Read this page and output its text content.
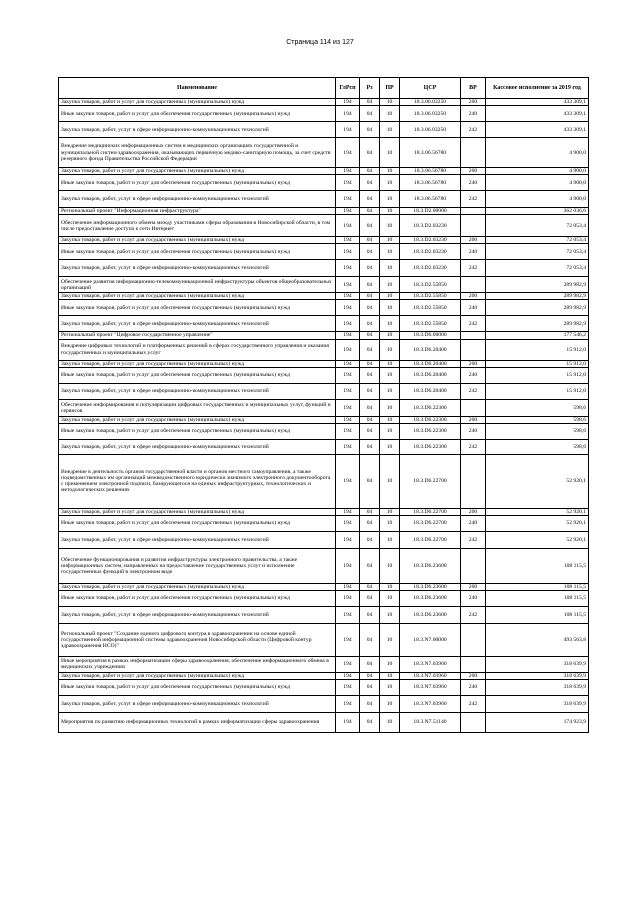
Страница 114 из 127
Наименование	ГлРсп	Рз	ПР	ЦСР	ВР	Кассовое исполнение за 2019 год
Закупка товаров, работ и услуг для государственных (муниципальных) нужд	194	04	10	18.3.06.03250	200	433 309,1
Иные закупки товаров, работ и услуг для обеспечения государственных (муниципальных) нужд	194	04	10	18.3.06.03250	240	433 309,1
Закупка товаров, работ, услуг в сфере информационно-коммуникационных технологий	194	04	10	18.3.06.03250	242	433 309,1
Внедрение медицинских информационных систем в медицинских организациях государственной и муниципальной систем здравоохранения, оказывающих первичную медико-санитарную помощь, за счет средств резервного фонда Правительства Российской Федерации	194	04	10	18.3.06.56780		4 900,0
Закупка товаров, работ и услуг для государственных (муниципальных) нужд	194	04	10	18.3.06.56780	200	4 900,0
Иные закупки товаров, работ и услуг для обеспечения государственных (муниципальных) нужд	194	04	10	18.3.06.56780	240	4 900,0
Закупка товаров, работ, услуг в сфере информационно-коммуникационных технологий	194	04	10	18.3.06.56780	242	4 900,0
Региональный проект "Информационная инфраструктура"	194	04	10	18.3.D2.00000		362 036,6
Обеспечение информационного обмена между участниками сферы образования в Новосибирской области, в том числе предоставление доступа к сети Интернет	194	04	10	18.3.D2.03230		72 053,4
Закупка товаров, работ и услуг для государственных (муниципальных) нужд	194	04	10	18.3.D2.03230	200	72 053,4
Иные закупки товаров, работ и услуг для обеспечения государственных (муниципальных) нужд	194	04	10	18.3.D2.03230	240	72 053,4
Закупка товаров, работ, услуг в сфере информационно-коммуникационных технологий	194	04	10	18.3.D2.03230	242	72 053,4
Обеспечение развития информационно-телекоммуникационной инфраструктуры объектов общеобразовательных организаций	194	04	10	18.3.D2.55850		289 982,9
Закупка товаров, работ и услуг для государственных (муниципальных) нужд	194	04	10	18.3.D2.55850	200	289 982,9
Иные закупки товаров, работ и услуг для обеспечения государственных (муниципальных) нужд	194	04	10	18.3.D2.55850	240	289 982,9
Закупка товаров, работ, услуг в сфере информационно-коммуникационных технологий	194	04	10	18.3.D2.55850	242	289 982,9
Региональный проект "Цифровое государственное управление"	194	04	10	18.3.D6.00000		177 546,2
Внедрение цифровых технологий и платформенных решений в сферах государственного управления и оказания государственных и муниципальных услуг	194	04	10	18.3.D6.20400		15 912,0
Закупка товаров, работ и услуг для государственных (муниципальных) нужд	194	04	10	18.3.D6.20400	200	15 912,0
Иные закупки товаров, работ и услуг для обеспечения государственных (муниципальных) нужд	194	04	10	18.3.D6.20400	240	15 912,0
Закупка товаров, работ, услуг в сфере информационно-коммуникационных технологий	194	04	10	18.3.D6.20400	242	15 912,0
Обеспечение информирования и популяризации цифровых государственных и муниципальных услуг, функций и сервисов	194	04	10	18.3.D6.22300		598,6
Закупка товаров, работ и услуг для государственных (муниципальных) нужд	194	04	10	18.3.D6.22300	200	598,6
Иные закупки товаров, работ и услуг для обеспечения государственных (муниципальных) нужд	194	04	10	18.3.D6.22300	240	598,6
Закупка товаров, работ, услуг в сфере информационно-коммуникационных технологий	194	04	10	18.3.D6.22300	242	598,6
Внедрение в деятельность органов государственной власти и органов местного самоуправления, а также подведомственных им организаций межведомственного юридически значимого электронного документооборота с применением электронной подписи, базирующегося на единых инфраструктурных, технологических и методологических решениях	194	04	10	18.3.D6.22700		52 920,1
Закупка товаров, работ и услуг для государственных (муниципальных) нужд	194	04	10	18.3.D6.22700	200	52 920,1
Иные закупки товаров, работ и услуг для обеспечения государственных (муниципальных) нужд	194	04	10	18.3.D6.22700	240	52 920,1
Закупка товаров, работ, услуг в сфере информационно-коммуникационных технологий	194	04	10	18.3.D6.22700	242	52 920,1
Обеспечение функционирования и развития инфраструктуры электронного правительства, а также информационных систем, направленных на предоставление государственных услуг и исполнение государственных функций в электронном виде	194	04	10	18.3.D6.23600		108 115,5
Закупка товаров, работ и услуг для государственных (муниципальных) нужд	194	04	10	18.3.D6.23600	200	108 115,5
Иные закупки товаров, работ и услуг для обеспечения государственных (муниципальных) нужд	194	04	10	18.3.D6.23600	240	108 115,5
Закупка товаров, работ, услуг в сфере информационно-коммуникационных технологий	194	04	10	18.3.D6.23600	242	108 115,5
Региональный проект "Создание единого цифрового контура в здравоохранении на основе единой государственной информационной системы здравоохранения Новосибирской области (Цифровой контур здравоохранения НСО)"	194	04	10	18.3.N7.00000		493 563,8
Иные мероприятия в рамках информатизации сферы здравоохранения, обеспечение информационного обмена в медицинских учреждениях	194	04	10	18.3.N7.03960		318 639,9
Закупка товаров, работ и услуг для государственных (муниципальных) нужд	194	04	10	18.3.N7.03960	200	318 639,9
Иные закупки товаров, работ и услуг для обеспечения государственных (муниципальных) нужд	194	04	10	18.3.N7.03960	240	318 639,9
Закупка товаров, работ, услуг в сфере информационно-коммуникационных технологий	194	04	10	18.3.N7.03960	242	318 639,9
Мероприятия по развитию информационных технологий в рамках информатизации сферы здравоохранения	194	04	10	18.3.N7.51140		174 923,9
